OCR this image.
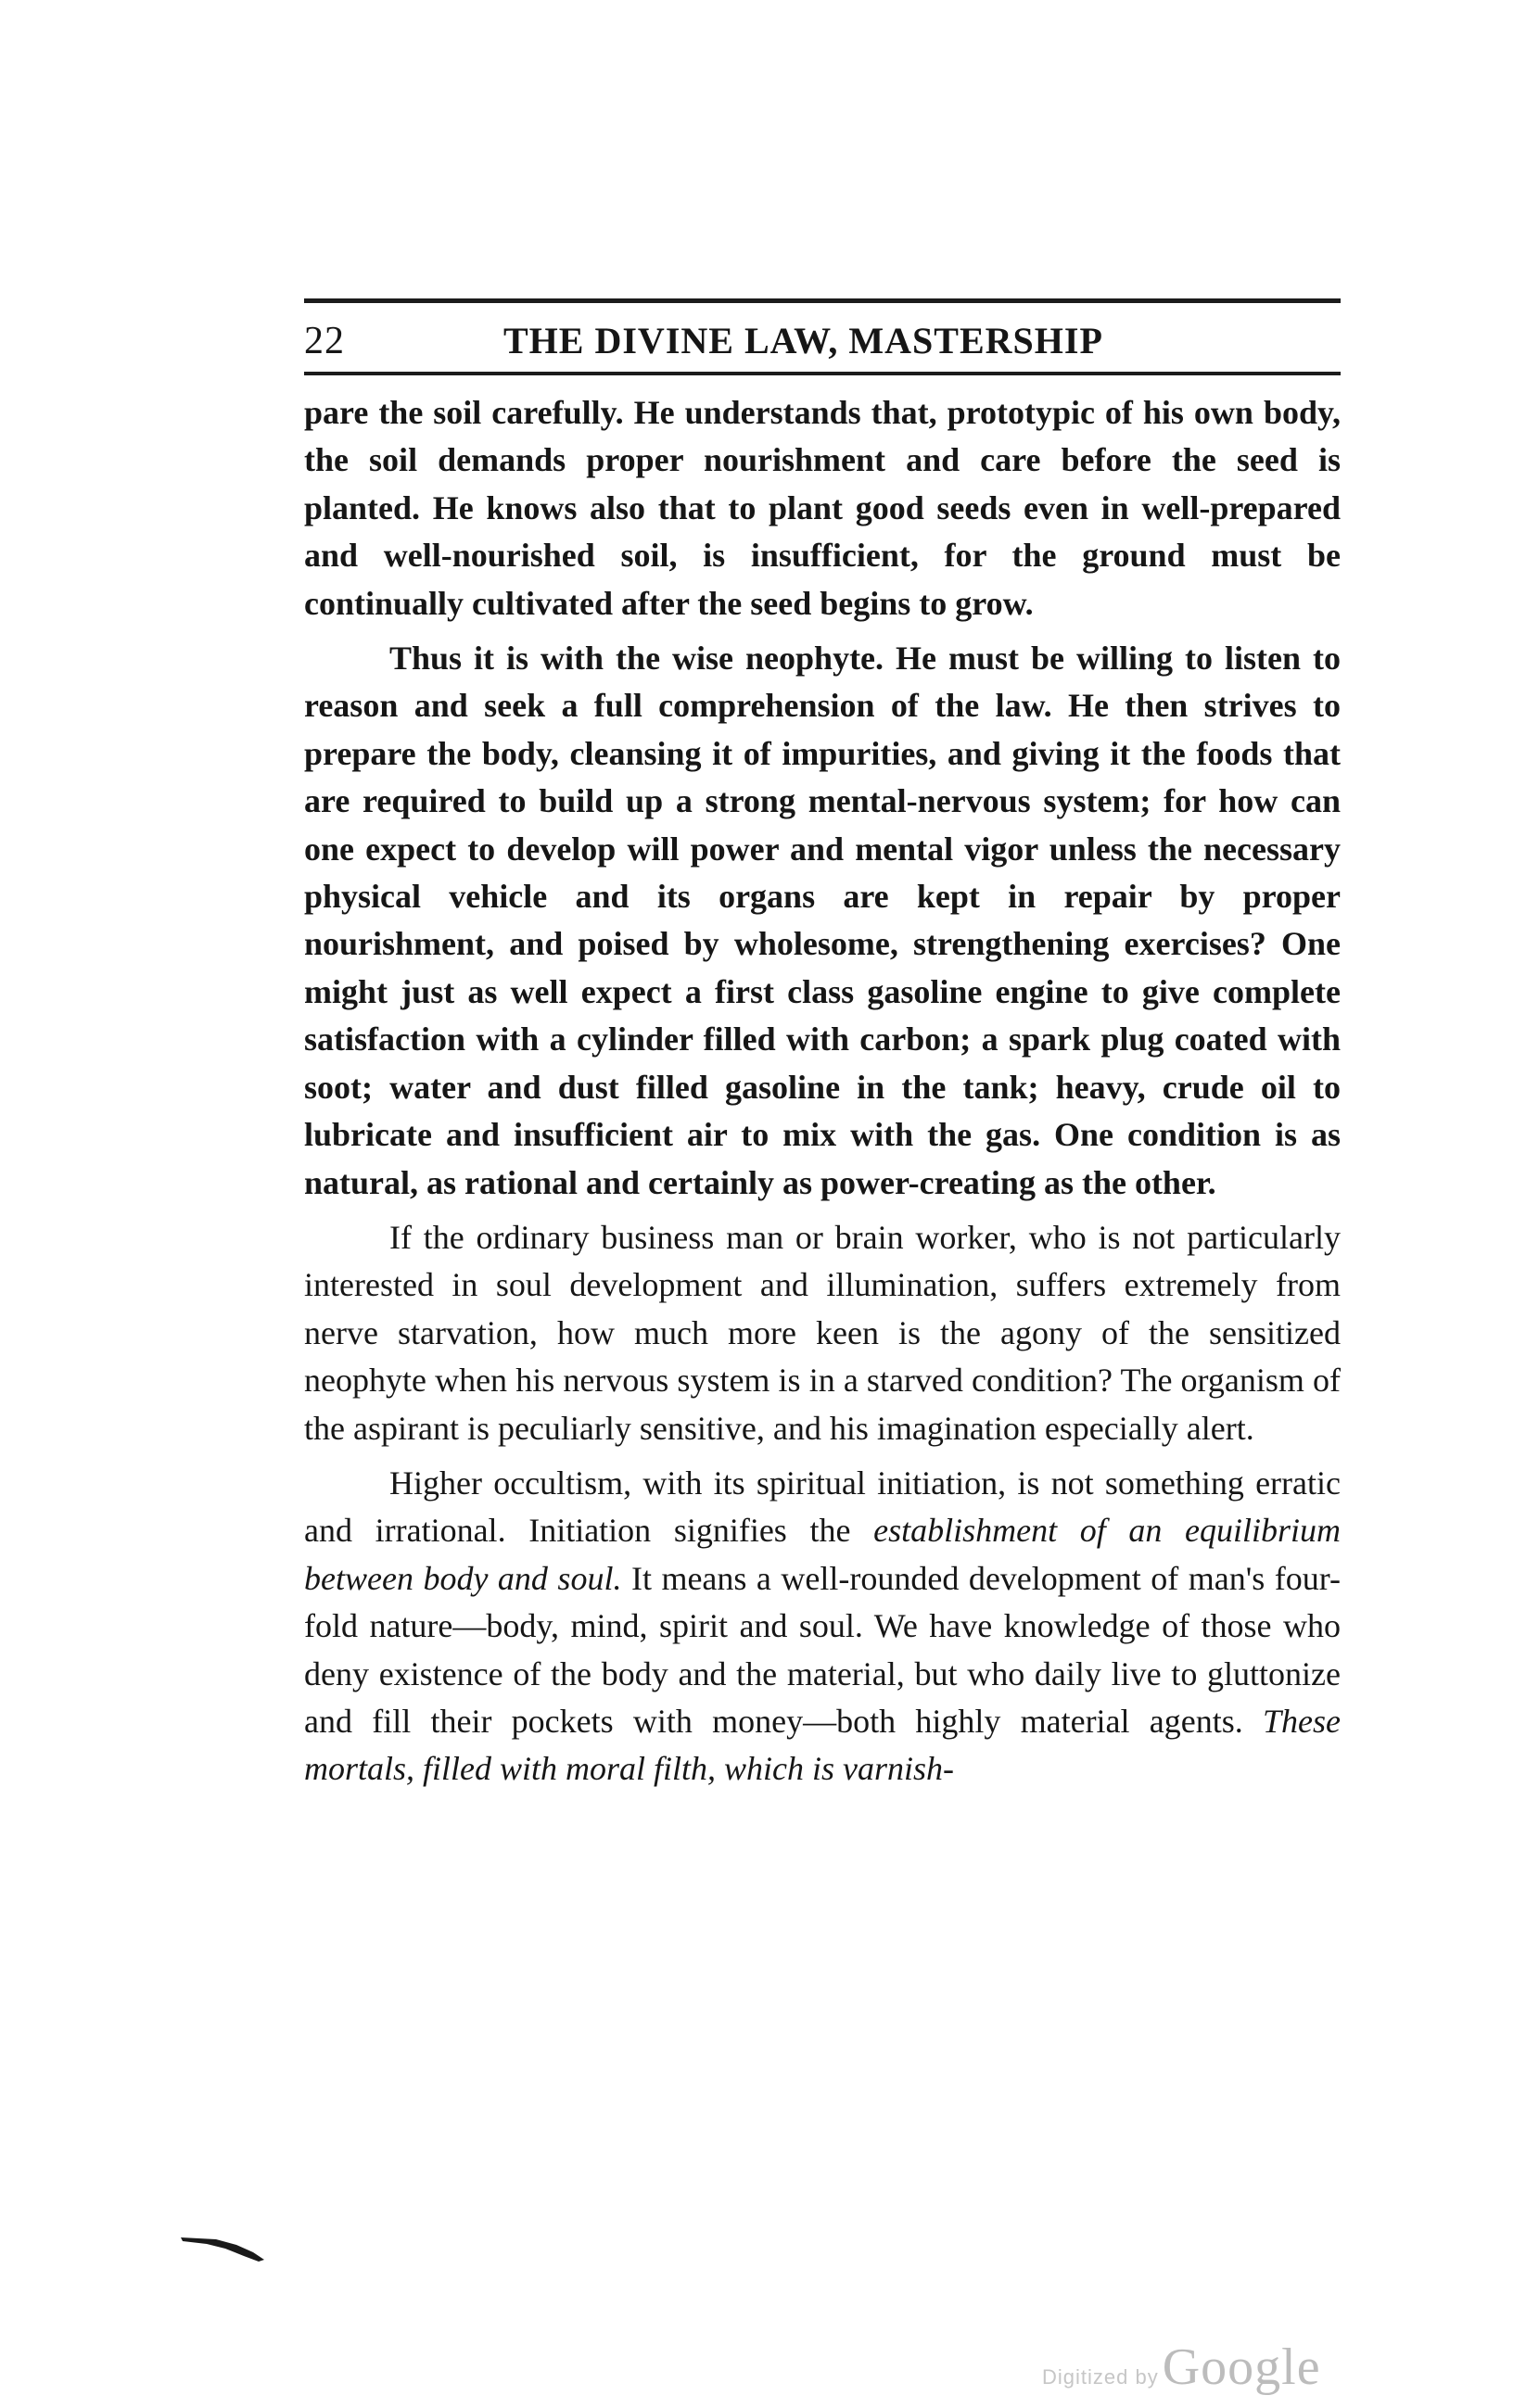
22	THE DIVINE LAW, MASTERSHIP

pare the soil carefully. He understands that, prototypic of his own body, the soil demands proper nourishment and care before the seed is planted. He knows also that to plant good seeds even in well-prepared and well-nourished soil, is insufficient, for the ground must be continually cultivated after the seed begins to grow.

Thus it is with the wise neophyte. He must be willing to listen to reason and seek a full comprehension of the law. He then strives to prepare the body, cleansing it of impurities, and giving it the foods that are required to build up a strong mental-nervous system; for how can one expect to develop will power and mental vigor unless the necessary physical vehicle and its organs are kept in repair by proper nourishment, and poised by wholesome, strengthening exercises? One might just as well expect a first class gasoline engine to give complete satisfaction with a cylinder filled with carbon; a spark plug coated with soot; water and dust filled gasoline in the tank; heavy, crude oil to lubricate and insufficient air to mix with the gas. One condition is as natural, as rational and certainly as power-creating as the other.

If the ordinary business man or brain worker, who is not particularly interested in soul development and illumination, suffers extremely from nerve starvation, how much more keen is the agony of the sensitized neophyte when his nervous system is in a starved condition? The organism of the aspirant is peculiarly sensitive, and his imagination especially alert.

Higher occultism, with its spiritual initiation, is not something erratic and irrational. Initiation signifies the establishment of an equilibrium between body and soul. It means a well-rounded development of man's four-fold nature—body, mind, spirit and soul. We have knowledge of those who deny existence of the body and the material, but who daily live to gluttonize and fill their pockets with money—both highly material agents. These mortals, filled with moral filth, which is varnish-

Digitized by Google
